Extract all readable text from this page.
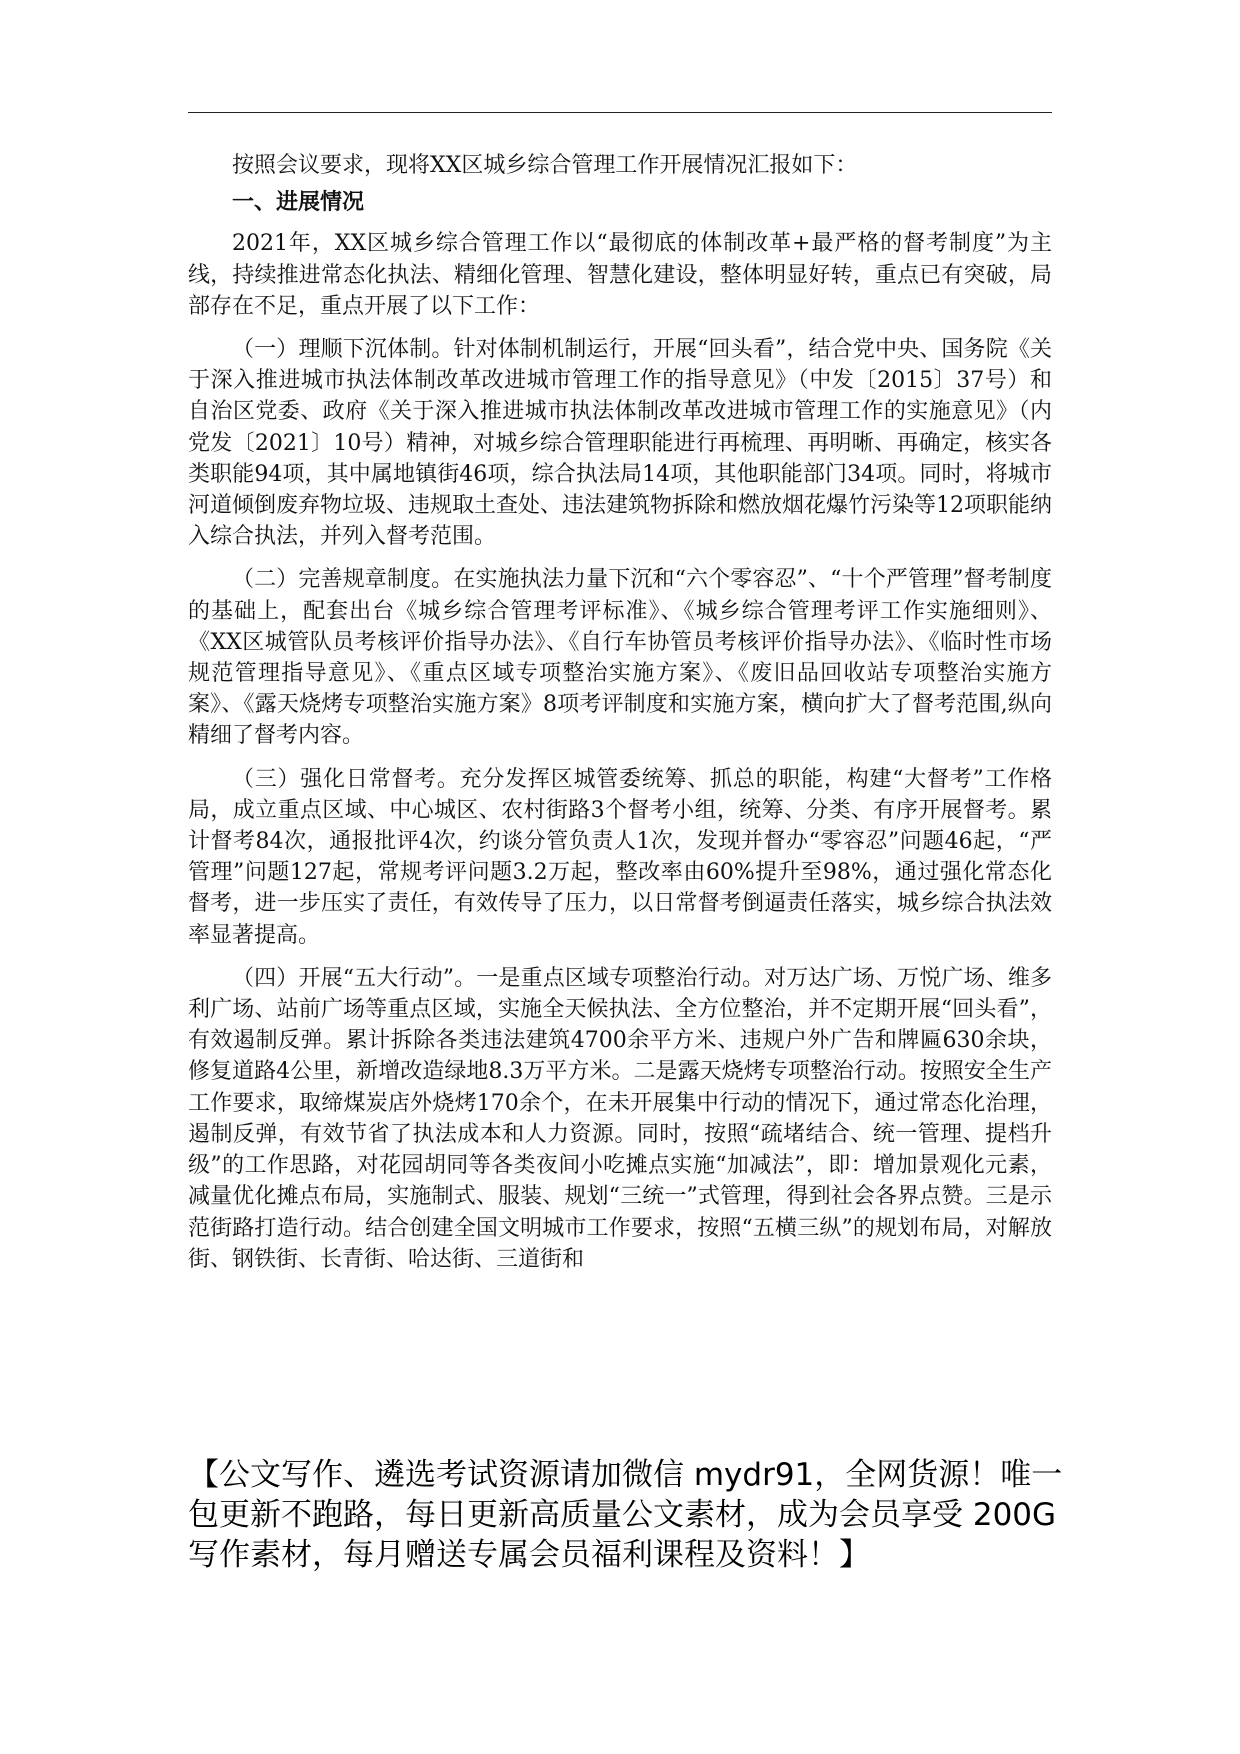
按照会议要求，现将XX区城乡综合管理工作开展情况汇报如下：

一、进展情况

2021年，XX区城乡综合管理工作以“最彻底的体制改革+最严格的督考制度”为主线，持续推进常态化执法、精细化管理、智慧化建设，整体明显好转，重点已有突破，局部存在不足，重点开展了以下工作：

（一）理顺下沉体制。针对体制机制运行，开展“回头看”，结合党中央、国务院《关于深入推进城市执法体制改革改进城市管理工作的指导意见》（中发〔2015〕37号）和自治区党委、政府《关于深入推进城市执法体制改革改进城市管理工作的实施意见》（内党发〔2021〕10号）精神，对城乡综合管理职能进行再梳理、再明晰、再确定，核实各类职能94项，其中属地镇街46项，综合执法局14项，其他职能部门34项。同时，将城市河道倾倒废弃物垃圾、违规取土查处、违法建筑物拆除和燃放烟花爆竹污染等12项职能纳入综合执法，并列入督考范围。

（二）完善规章制度。在实施执法力量下沉和“六个零容忍”、“十个严管理”督考制度的基础上，配套出台《城乡综合管理考评标准》、《城乡综合管理考评工作实施细则》、《XX区城管队员考核评价指导办法》、《自行车协管员考核评价指导办法》、《临时性市场规范管理指导意见》、《重点区域专项整治实施方案》、《废旧品回收站专项整治实施方案》、《露天烧烤专项整治实施方案》8项考评制度和实施方案，横向扩大了督考范围,纵向精细了督考内容。

（三）强化日常督考。充分发挥区城管委统筹、抓总的职能，构建“大督考”工作格局，成立重点区域、中心城区、农村街路3个督考小组，统筹、分类、有序开展督考。累计督考84次，通报批评4次，约谈分管负责人1次，发现并督办“零容忍”问题46起，“严管理”问题127起，常规考评问题3.2万起，整改率由60%提升至98%，通过强化常态化督考，进一步压实了责任，有效传导了压力，以日常督考倒逼责任落实，城乡综合执法效率显著提高。

（四）开展“五大行动”。一是重点区域专项整治行动。对万达广场、万悦广场、维多利广场、站前广场等重点区域，实施全天候执法、全方位整治，并不定期开展“回头看”，有效遏制反弹。累计拆除各类违法建筑4700余平方米、违规户外广告和牌匾630余块，修复道路4公里，新增改造绿地8.3万平方米。二是露天烧烤专项整治行动。按照安全生产工作要求，取缔煤炭店外烧烤170余个，在未开展集中行动的情况下，通过常态化治理，遏制反弹，有效节省了执法成本和人力资源。同时，按照“疏堵结合、统一管理、提档升级”的工作思路，对花园胡同等各类夜间小吃摊点实施“加减法”，即：增加景观化元素，减量优化摊点布局，实施制式、服装、规划“三统一”式管理，得到社会各界点赞。三是示范街路打造行动。结合创建全国文明城市工作要求，按照“五横三纵”的规划布局，对解放街、钢铁街、长青街、哈达街、三道街和

【公文写作、遴选考试资源请加微信 mydr91，全网货源！唯一包更新不跑路，每日更新高质量公文素材，成为会员享受 200G 写作素材，每月赠送专属会员福利课程及资料！】
